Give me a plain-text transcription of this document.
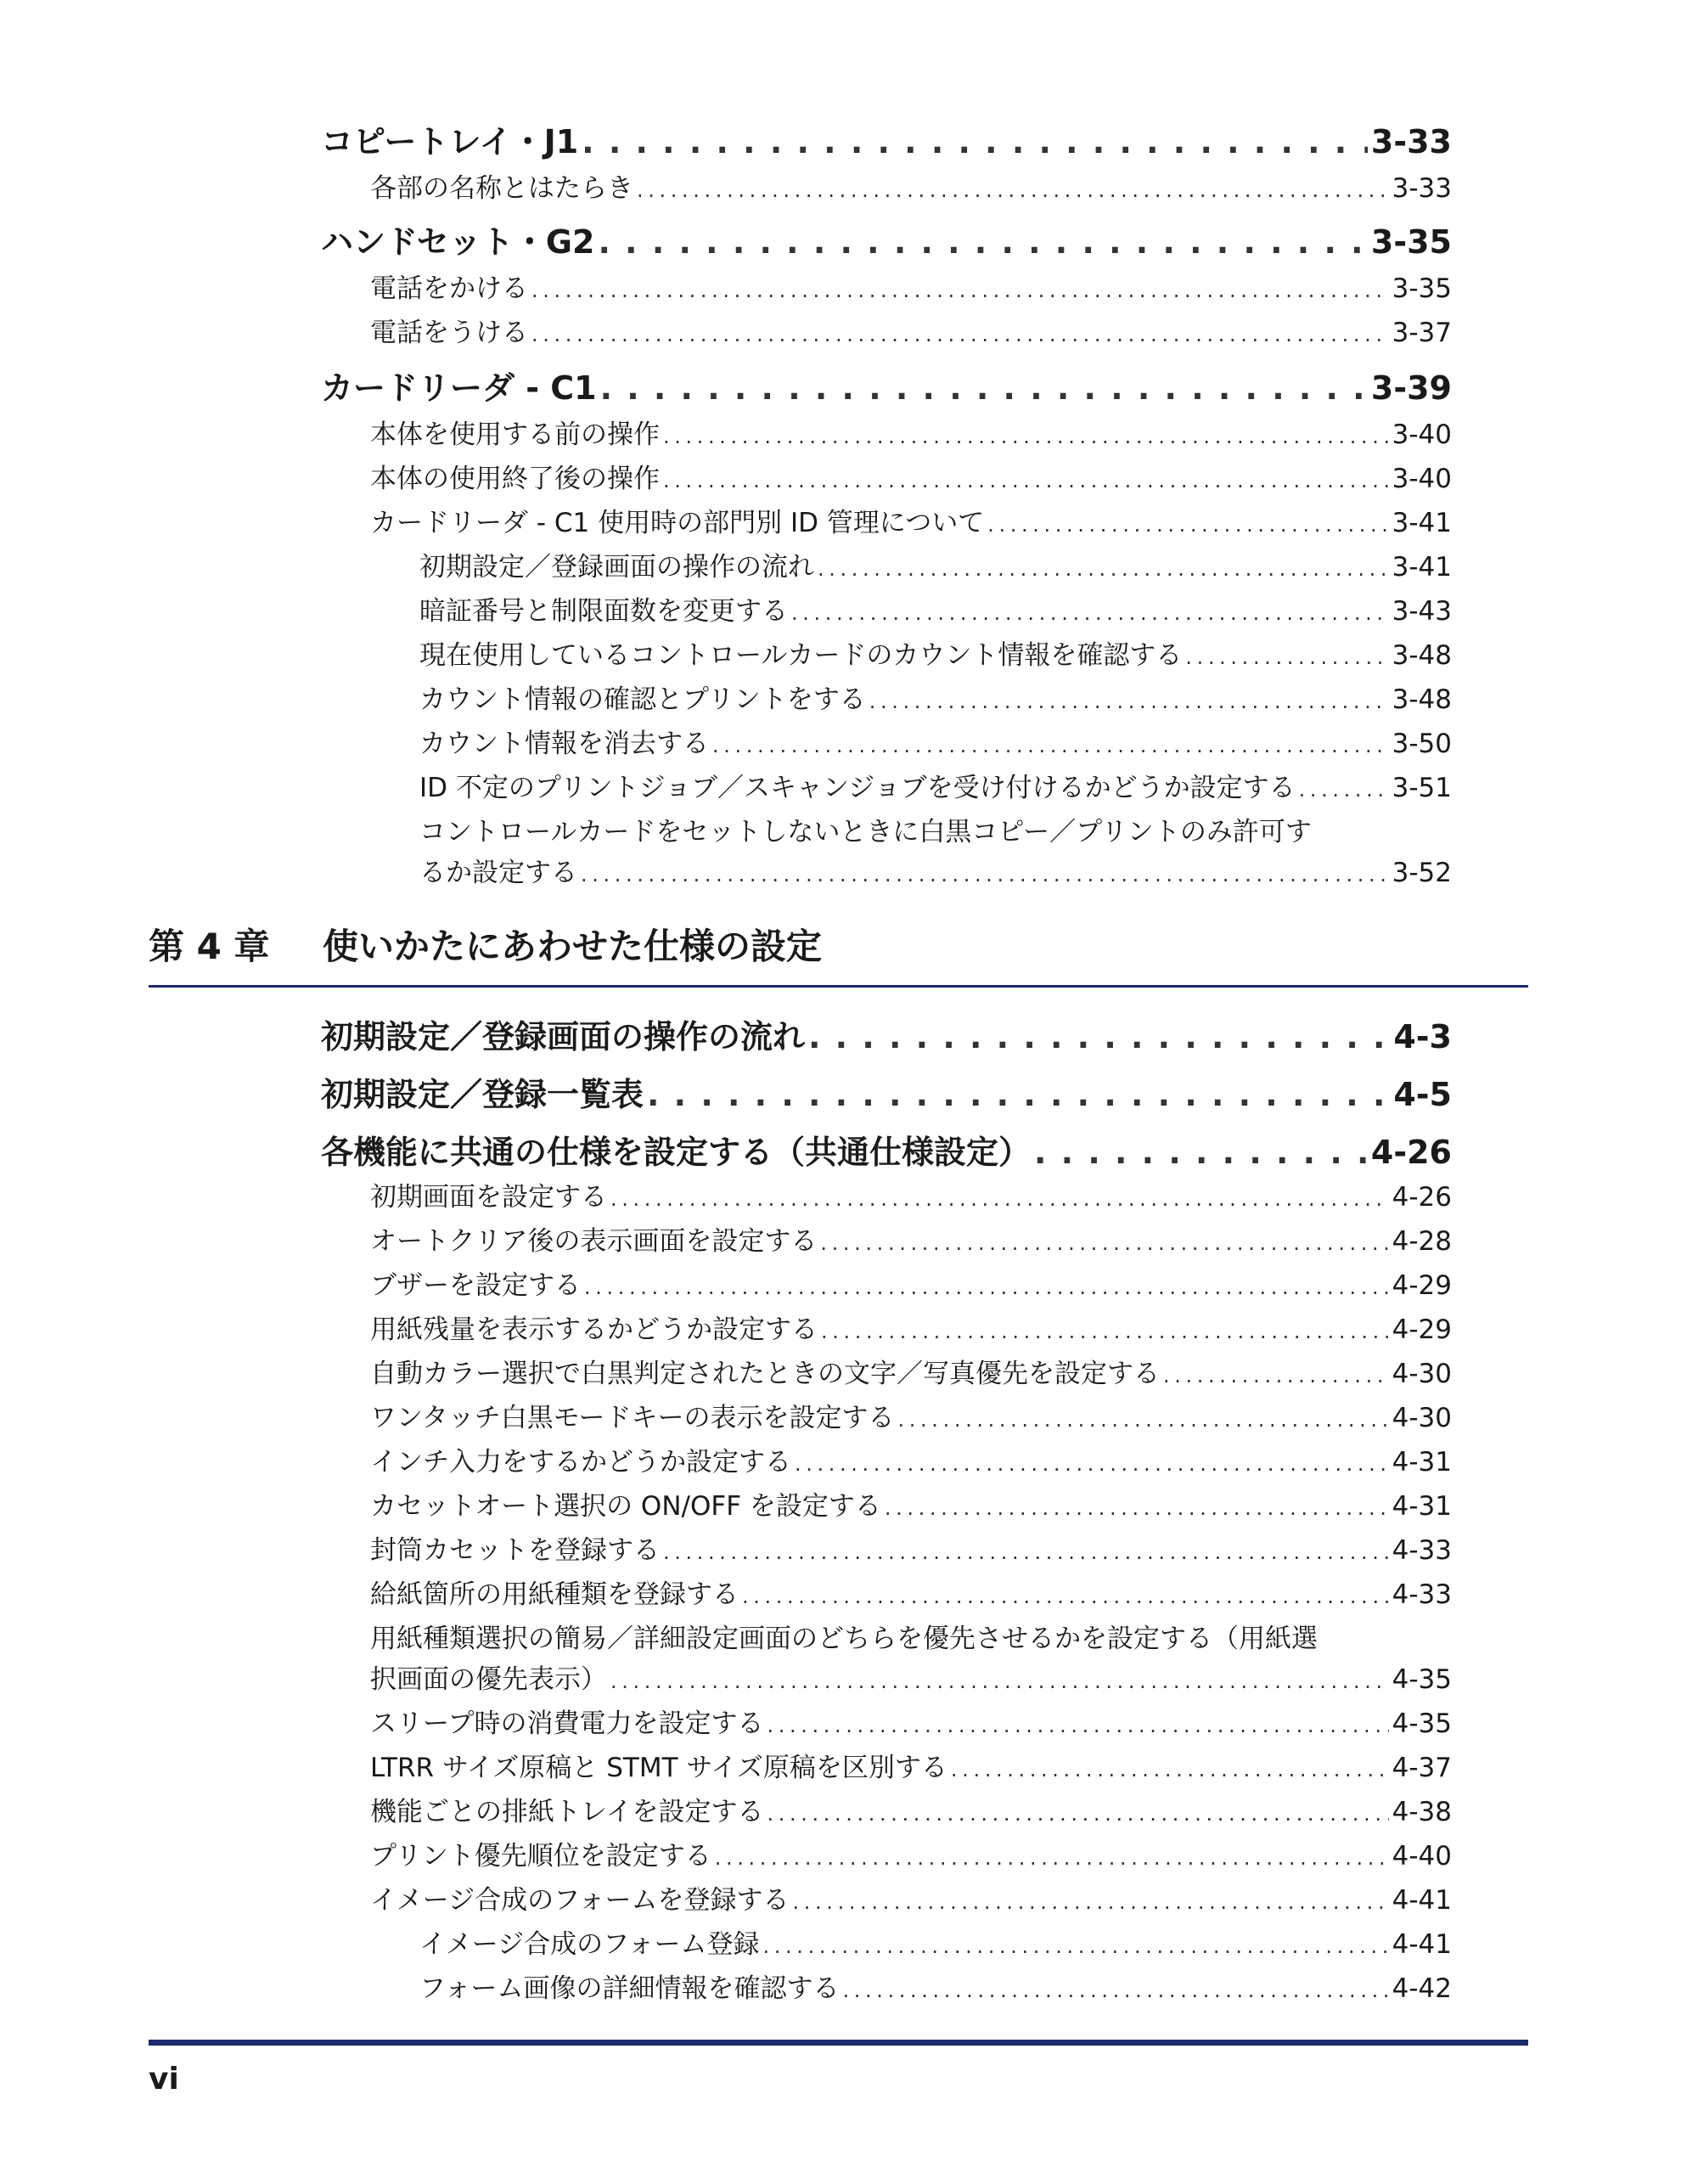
コピートレイ・J1 . . .	3-33
各部の名称とはたらき . . .	3-33
ハンドセット・G2 . . .	3-35
電話をかける . . .	3-35
電話をうける . . .	3-37
カードリーダ - C1 . . .	3-39
本体を使用する前の操作 . . .	3-40
本体の使用終了後の操作 . . .	3-40
カードリーダ - C1 使用時の部門別 ID 管理について . . .	3-41
初期設定／登録画面の操作の流れ . . .	3-41
暗証番号と制限面数を変更する . . .	3-43
現在使用しているコントロールカードのカウント情報を確認する . . .	3-48
カウント情報の確認とプリントをする . . .	3-48
カウント情報を消去する . . .	3-50
ID 不定のプリントジョブ／スキャンジョブを受け付けるかどうか設定する . . .	3-51
コントロールカードをセットしないときに白黒コピー／プリントのみ許可す
るか設定する . . .	3-52
第 4 章 使いかたにあわせた仕様の設定
初期設定／登録画面の操作の流れ . . .	4-3
初期設定／登録一覧表 . . .	4-5
各機能に共通の仕様を設定する（共通仕様設定） . . .	4-26
初期画面を設定する . . .	4-26
オートクリア後の表示画面を設定する . . .	4-28
ブザーを設定する . . .	4-29
用紙残量を表示するかどうか設定する . . .	4-29
自動カラー選択で白黒判定されたときの文字／写真優先を設定する . . .	4-30
ワンタッチ白黒モードキーの表示を設定する . . .	4-30
インチ入力をするかどうか設定する . . .	4-31
カセットオート選択の ON/OFF を設定する . . .	4-31
封筒カセットを登録する . . .	4-33
給紙箇所の用紙種類を登録する . . .	4-33
用紙種類選択の簡易／詳細設定画面のどちらを優先させるかを設定する（用紙選
択画面の優先表示） . . .	4-35
スリープ時の消費電力を設定する . . .	4-35
LTRR サイズ原稿と STMT サイズ原稿を区別する . . .	4-37
機能ごとの排紙トレイを設定する . . .	4-38
プリント優先順位を設定する . . .	4-40
イメージ合成のフォームを登録する . . .	4-41
イメージ合成のフォーム登録 . . .	4-41
フォーム画像の詳細情報を確認する . . .	4-42
vi
